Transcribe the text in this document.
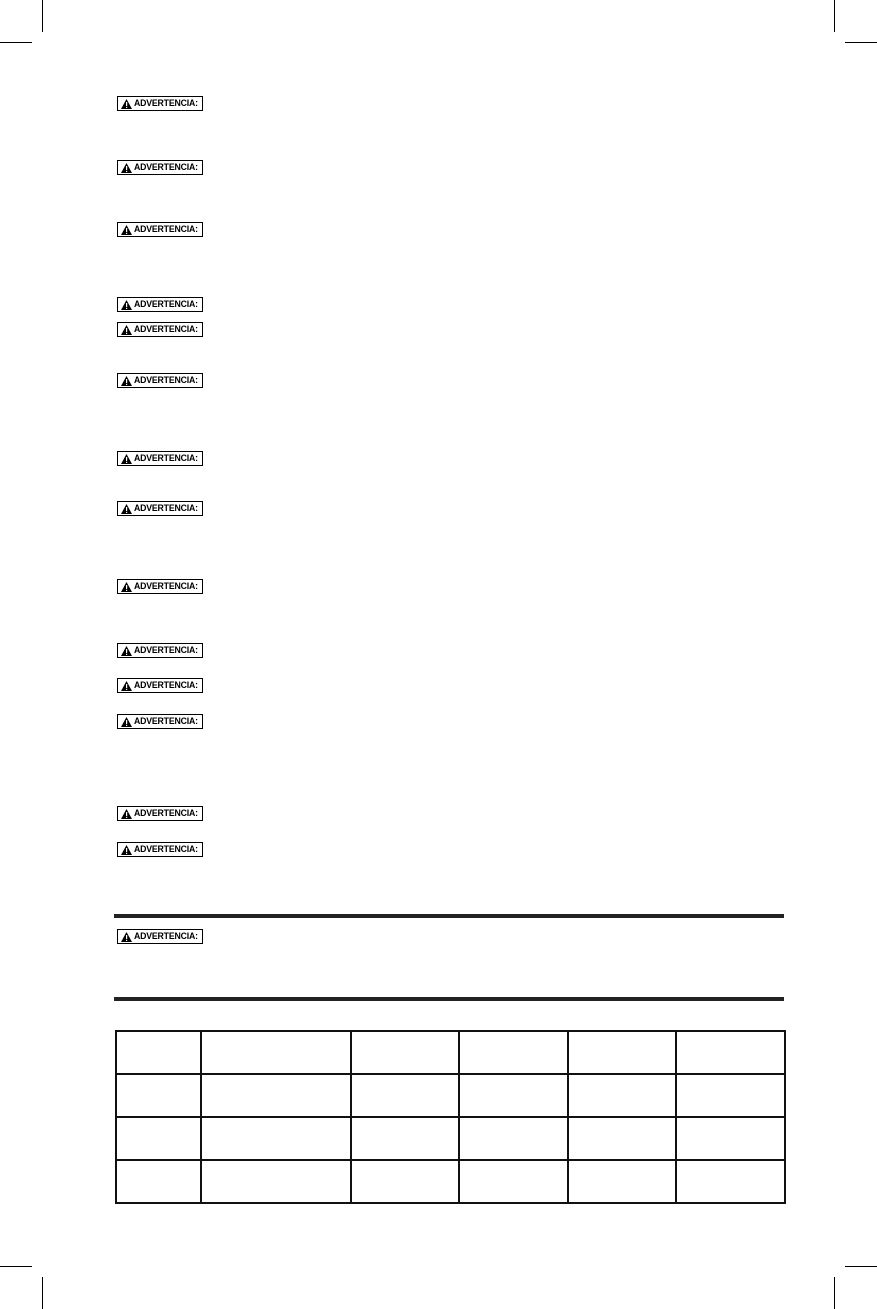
ADVERTENCIA:
ADVERTENCIA:
ADVERTENCIA:
ADVERTENCIA:
ADVERTENCIA:
ADVERTENCIA:
ADVERTENCIA:
ADVERTENCIA:
ADVERTENCIA:
ADVERTENCIA:
ADVERTENCIA:
ADVERTENCIA:
ADVERTENCIA:
ADVERTENCIA:
ADVERTENCIA:
